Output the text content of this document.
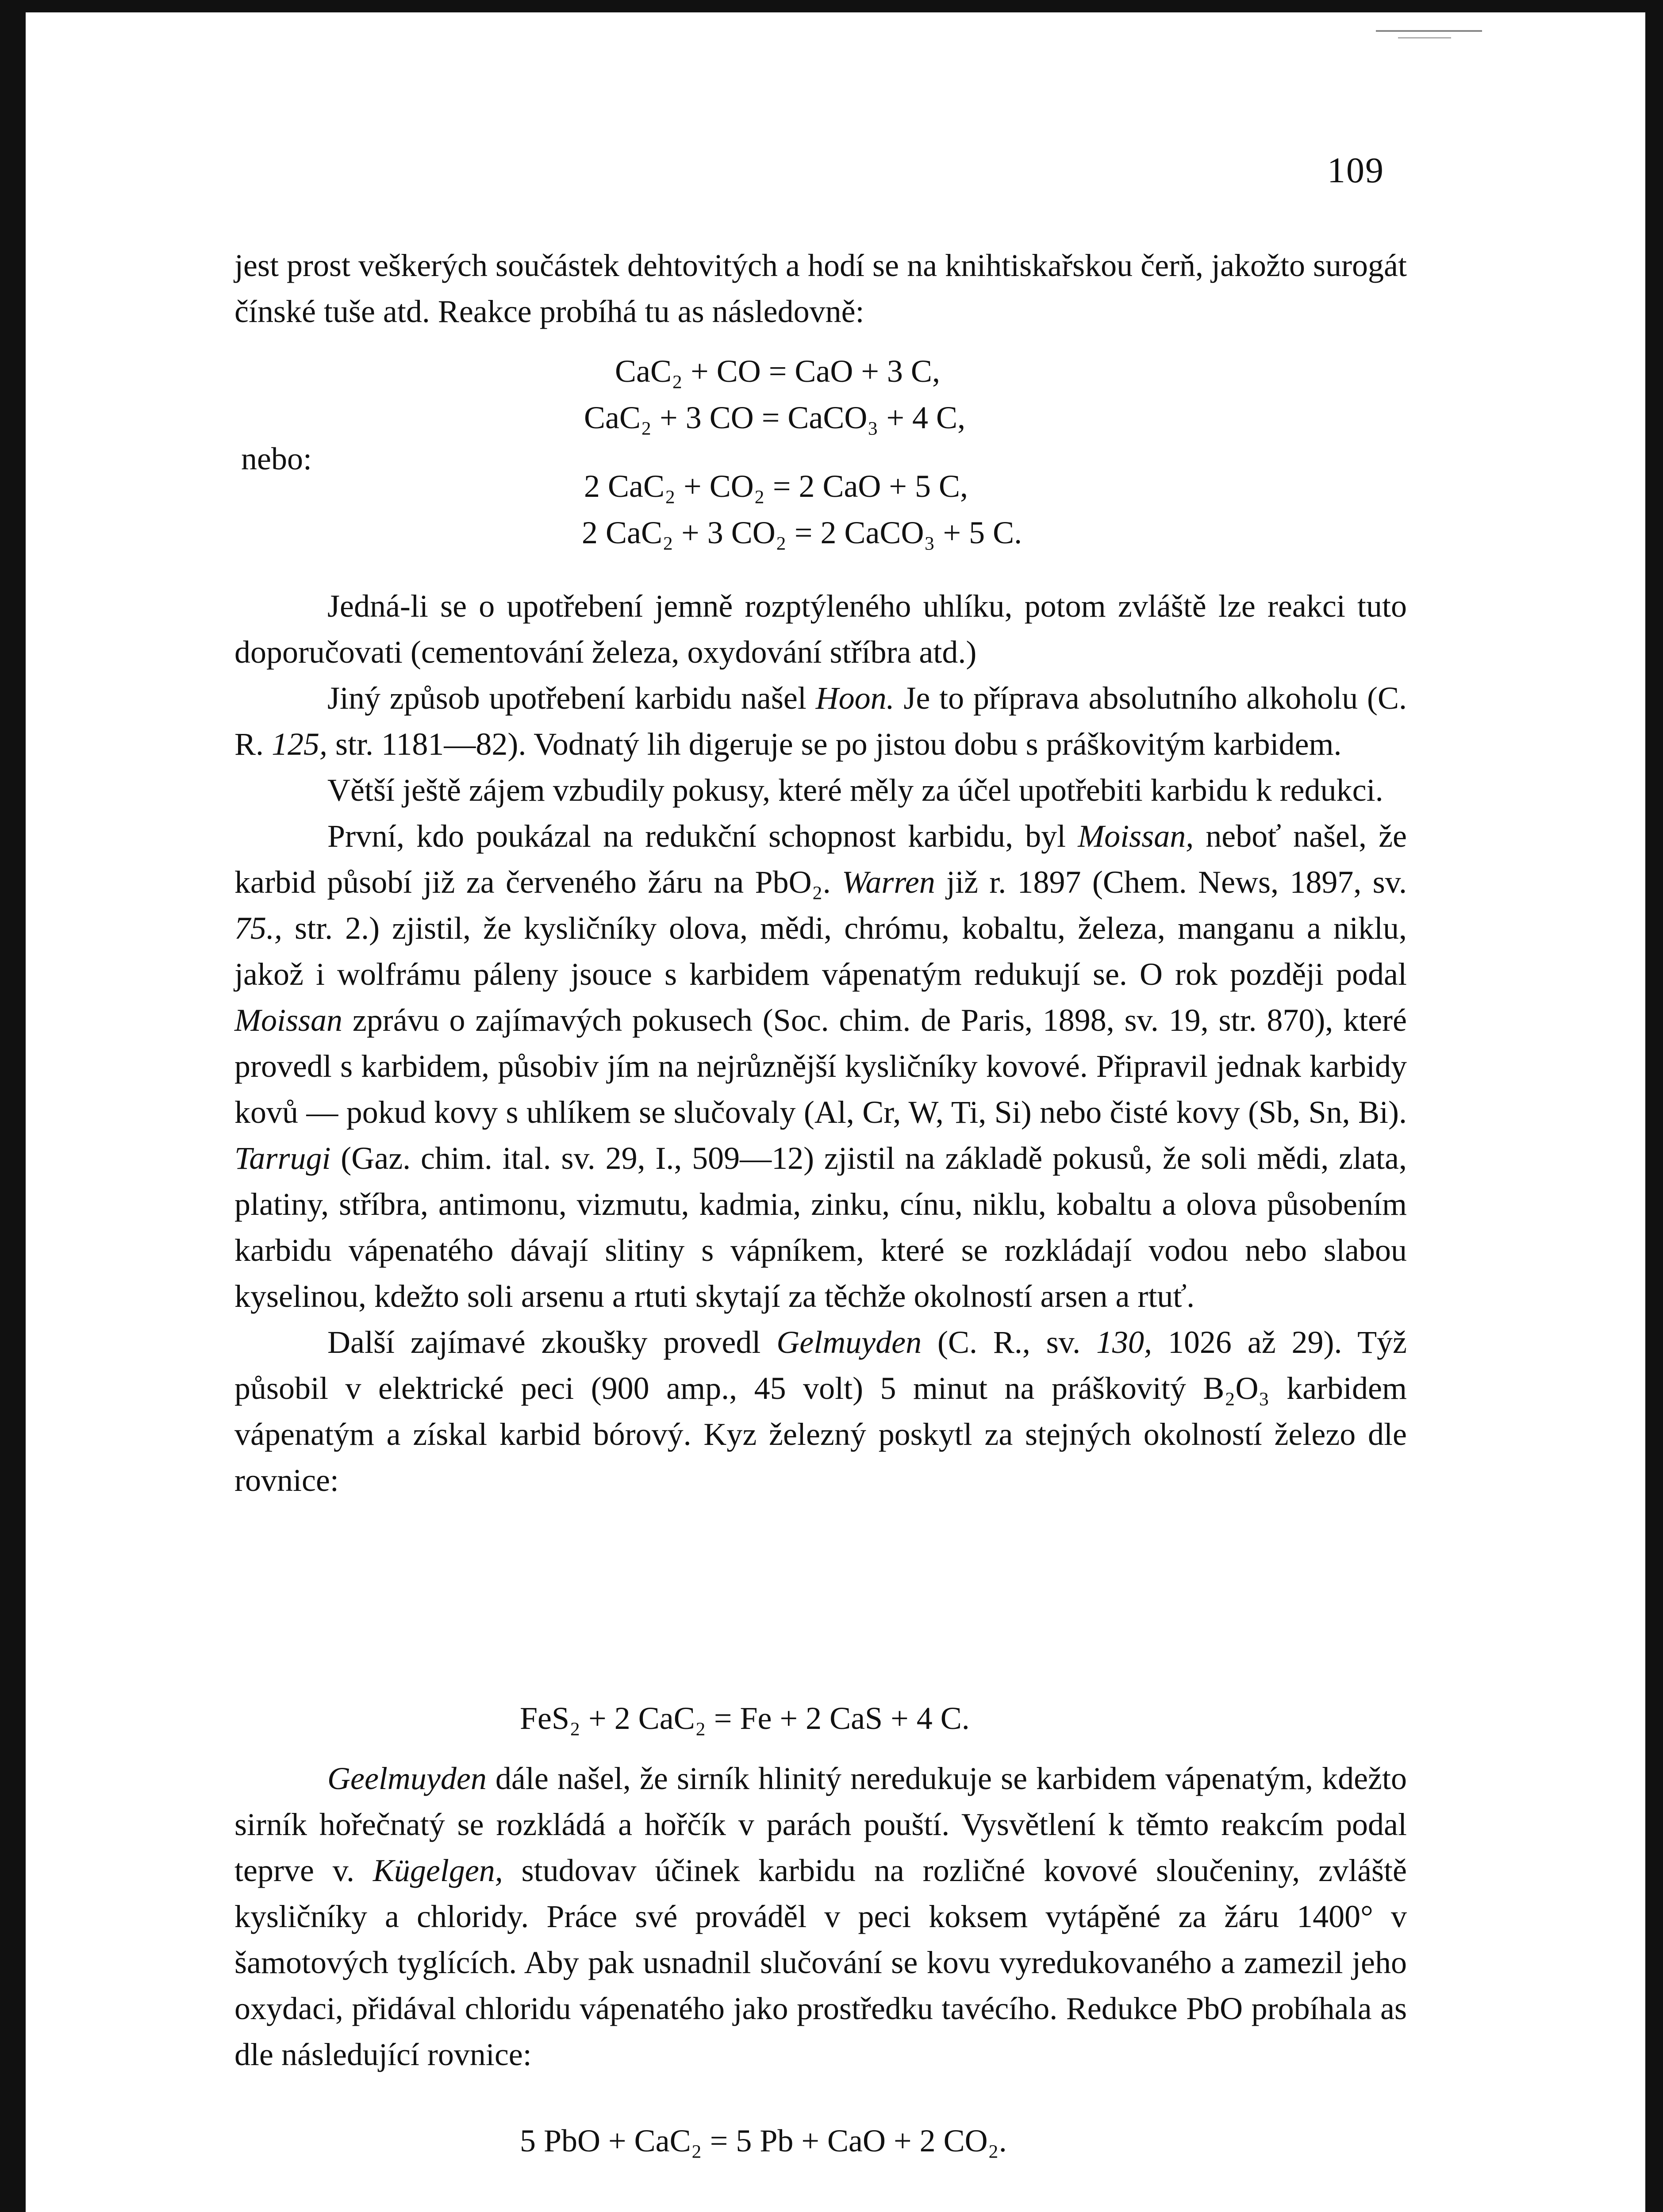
109

jest prost veškerých součástek dehtovitých a hodí se na knihtiskařskou čerň, jakožto surogát čínské tuše atd. Reakce probíhá tu as následovně:

CaC₂ + CO = CaO + 3 C,
CaC₂ + 3 CO = CaCO₃ + 4 C,
nebo:
2 CaC₂ + CO₂ = 2 CaO + 5 C,
2 CaC₂ + 3 CO₂ = 2 CaCO₃ + 5 C.

Jedná-li se o upotřebení jemně rozptýleného uhlíku, potom zvláště lze reakci tuto doporučovati (cementování železa, oxydování stříbra atd.)

Jiný způsob upotřebení karbidu našel Hoon. Je to příprava absolutního alkoholu (C. R. 125, str. 1181—82). Vodnatý lih digeruje se po jistou dobu s práškovitým karbidem.

Větší ještě zájem vzbudily pokusy, které měly za účel upotřebiti karbidu k redukci.

První, kdo poukázal na redukční schopnost karbidu, byl Moissan, neboť našel, že karbid působí již za červeného žáru na PbO₂. Warren již r. 1897 (Chem. News, 1897, sv. 75., str. 2.) zjistil, že kysličníky olova, mědi, chrómu, kobaltu, železa, manganu a niklu, jakož i wolfrámu páleny jsouce s karbidem vápenatým redukují se. O rok později podal Moissan zprávu o zajímavých pokusech (Soc. chim. de Paris, 1898, sv. 19, str. 870), které provedl s karbidem, působiv jím na nejrůznější kysličníky kovové. Připravil jednak karbidy kovů — pokud kovy s uhlíkem se slučovaly (Al, Cr, W, Ti, Si) nebo čisté kovy (Sb, Sn, Bi). Tarrugi (Gaz. chim. ital. sv. 29, I., 509—12) zjistil na základě pokusů, že soli mědi, zlata, platiny, stříbra, antimonu, vizmutu, kadmia, zinku, cínu, niklu, kobaltu a olova působením karbidu vápenatého dávají slitiny s vápníkem, které se rozkládají vodou nebo slabou kyselinou, kdežto soli arsenu a rtuti skytají za těchže okolností arsen a rtuť.

Další zajímavé zkoušky provedl Gelmuyden (C. R., sv. 130, 1026 až 29). Týž působil v elektrické peci (900 amp., 45 volt) 5 minut na práškovitý B₂O₃ karbidem vápenatým a získal karbid bórový. Kyz železný poskytl za stejných okolností železo dle rovnice:

FeS₂ + 2 CaC₂ = Fe + 2 CaS + 4 C.

Geelmuyden dále našel, že sirník hlinitý neredukuje se karbidem vápenatým, kdežto sirník hořečnatý se rozkládá a hořčík v parách pouští. Vysvětlení k těmto reakcím podal teprve v. Kügelgen, studovav účinek karbidu na rozličné kovové sloučeniny, zvláště kysličníky a chloridy. Práce své prováděl v peci koksem vytápěné za žáru 1400° v šamotových tyglících. Aby pak usnadnil slučování se kovu vyredukovaného a zamezil jeho oxydaci, přidával chloridu vápenatého jako prostředku tavécího. Redukce PbO probíhala as dle následující rovnice:

5 PbO + CaC₂ = 5 Pb + CaO + 2 CO₂.
